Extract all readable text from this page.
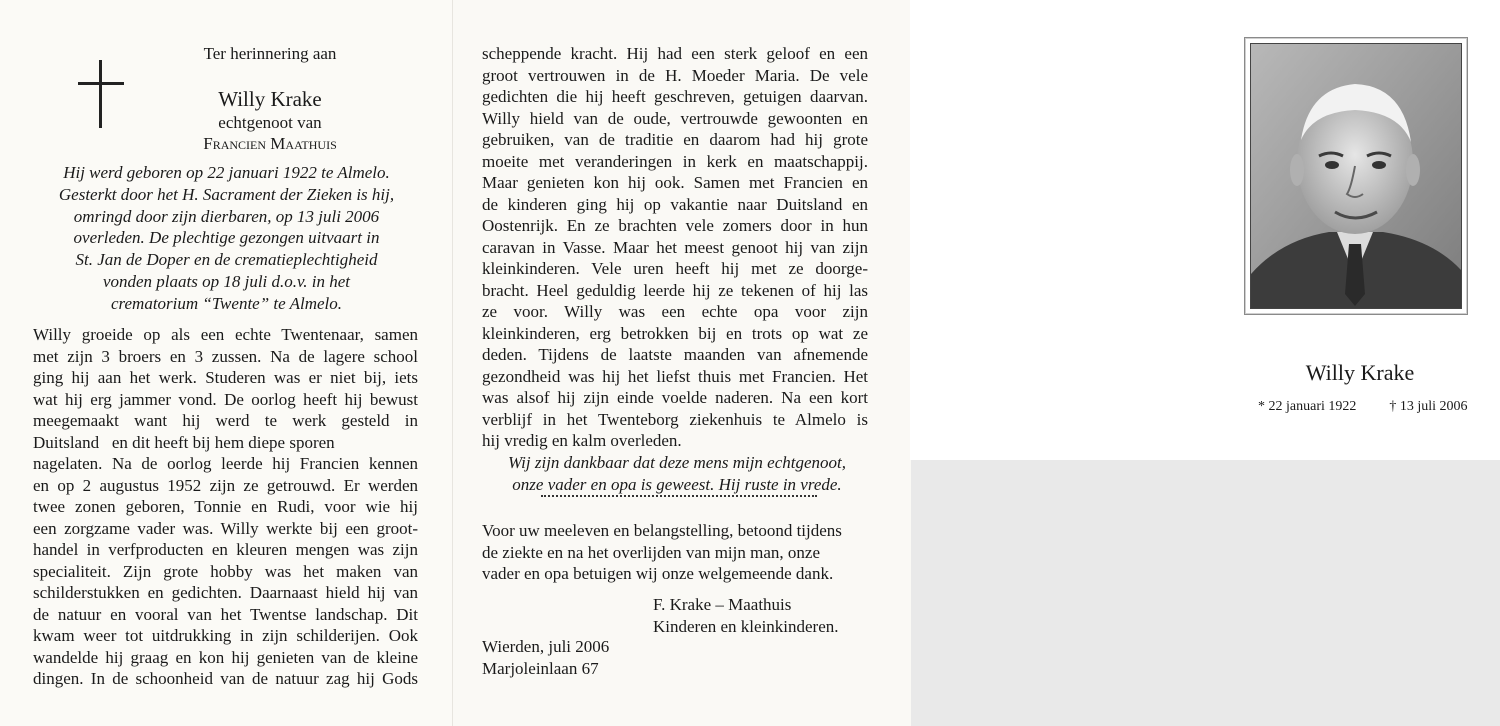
Ter herinnering aan
Willy Krake
echtgenoot van
Francien Maathuis
Hij werd geboren op 22 januari 1922 te Almelo.
Gesterkt door het H. Sacrament der Zieken is hij,
omringd door zijn dierbaren, op 13 juli 2006
overleden. De plechtige gezongen uitvaart in
St. Jan de Doper en de crematieplechtigheid
vonden plaats op 18 juli d.o.v. in het
crematorium “Twente” te Almelo.
Willy groeide op als een echte Twentenaar, samen
met zijn 3 broers en 3 zussen. Na de lagere school
ging hij aan het werk. Studeren was er niet bij, iets
wat hij erg jammer vond. De oorlog heeft hij bewust
meegemaakt want hij werd te werk gesteld in
Duitsland   en dit heeft bij hem diepe sporen
nagelaten. Na de oorlog leerde hij Francien kennen
en op 2 augustus 1952 zijn ze getrouwd. Er werden
twee zonen geboren, Tonnie en Rudi, voor wie hij
een zorgzame vader was. Willy werkte bij een groot-
handel in verfproducten en kleuren mengen was zijn
specialiteit. Zijn grote hobby was het maken van
schilderstukken en gedichten. Daarnaast hield hij van
de natuur en vooral van het Twentse landschap. Dit
kwam weer tot uitdrukking in zijn schilderijen. Ook
wandelde hij graag en kon hij genieten van de kleine
dingen. In de schoonheid van de natuur zag hij Gods
scheppende kracht. Hij had een sterk geloof en een
groot vertrouwen in de H. Moeder Maria. De vele
gedichten die hij heeft geschreven, getuigen daarvan.
Willy hield van de oude, vertrouwde gewoonten en
gebruiken, van de traditie en daarom had hij grote
moeite met veranderingen in kerk en maatschappij.
Maar genieten kon hij ook. Samen met Francien en
de kinderen ging hij op vakantie naar Duitsland en
Oostenrijk. En ze brachten vele zomers door in hun
caravan in Vasse. Maar het meest genoot hij van zijn
kleinkinderen. Vele uren heeft hij met ze doorge-
bracht. Heel geduldig leerde hij ze tekenen of hij las
ze voor. Willy was een echte opa voor zijn
kleinkinderen, erg betrokken bij en trots op wat ze
deden. Tijdens de laatste maanden van afnemende
gezondheid was hij het liefst thuis met Francien. Het
was alsof hij zijn einde voelde naderen. Na een kort
verblijf in het Twenteborg ziekenhuis te Almelo is
hij vredig en kalm overleden.
Wij zijn dankbaar dat deze mens mijn echtgenoot,
onze vader en opa is geweest. Hij ruste in vrede.
Voor uw meeleven en belangstelling, betoond tijdens
de ziekte en na het overlijden van mijn man, onze
vader en opa betuigen wij onze welgemeende dank.
F. Krake – Maathuis
Kinderen en kleinkinderen.
Wierden, juli 2006
Marjoleinlaan 67
Willy Krake
* 22 januari 1922 † 13 juli 2006
